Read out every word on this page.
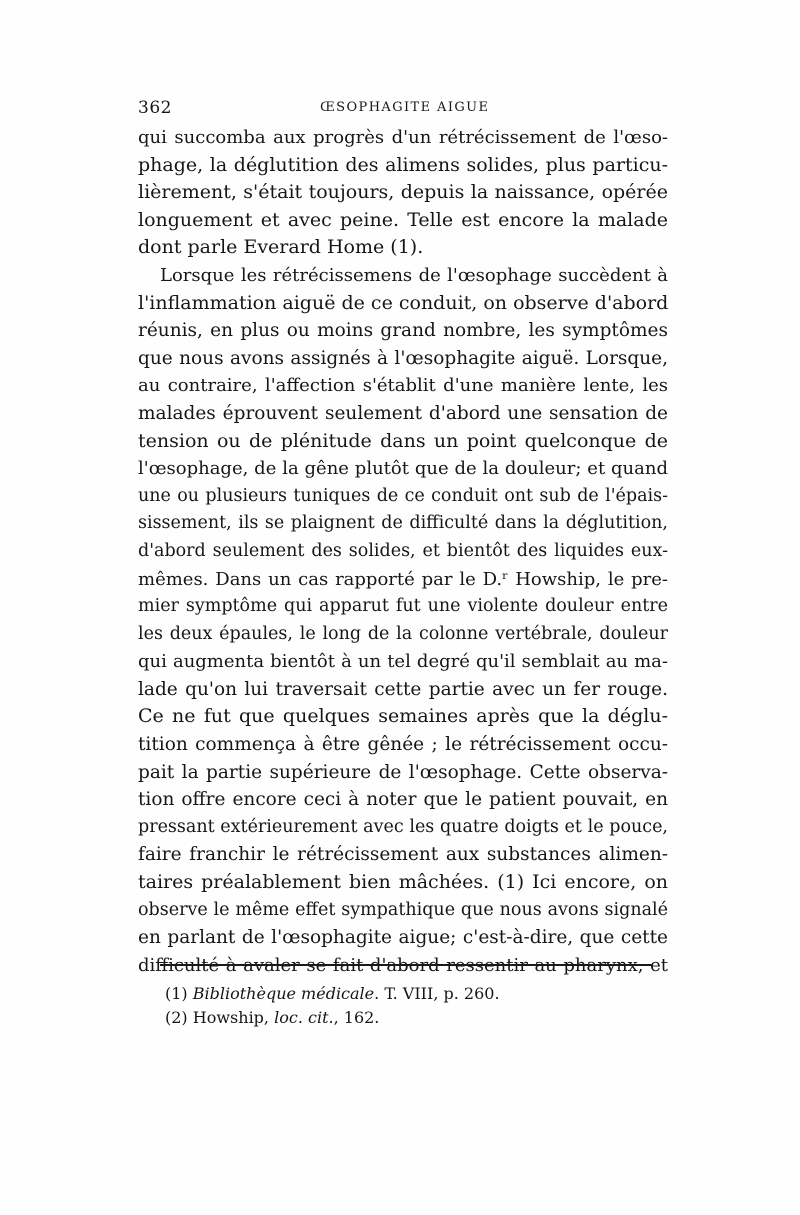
362	ŒSOPHAGITE AIGUE
qui succomba aux progrès d'un rétrécissement de l'œso-
phage, la déglutition des alimens solides, plus particu-
lièrement, s'était toujours, depuis la naissance, opérée
longuement et avec peine. Telle est encore la malade
dont parle Everard Home (1).
Lorsque les rétrécissemens de l'œsophage succèdent à
l'inflammation aiguë de ce conduit, on observe d'abord
réunis, en plus ou moins grand nombre, les symptômes
que nous avons assignés à l'œsophagite aiguë. Lorsque,
au contraire, l'affection s'établit d'une manière lente, les
malades éprouvent seulement d'abord une sensation de
tension ou de plénitude dans un point quelconque de
l'œsophage, de la gêne plutôt que de la douleur; et quand
une ou plusieurs tuniques de ce conduit ont sub de l'épais-
sissement, ils se plaignent de difficulté dans la déglutition,
d'abord seulement des solides, et bientôt des liquides eux-
mêmes. Dans un cas rapporté par le D.ʳ Howship, le pre-
mier symptôme qui apparut fut une violente douleur entre
les deux épaules, le long de la colonne vertébrale, douleur
qui augmenta bientôt à un tel degré qu'il semblait au ma-
lade qu'on lui traversait cette partie avec un fer rouge.
Ce ne fut que quelques semaines après que la déglu-
tition commença à être gênée ; le rétrécissement occu-
pait la partie supérieure de l'œsophage. Cette observa-
tion offre encore ceci à noter que le patient pouvait, en
pressant extérieurement avec les quatre doigts et le pouce,
faire franchir le rétrécissement aux substances alimen-
taires préalablement bien mâchées. (1) Ici encore, on
observe le même effet sympathique que nous avons signalé
en parlant de l'œsophagite aigue; c'est-à-dire, que cette
difficulté à avaler se fait d'abord ressentir au pharynx, et
(1) Bibliothèque médicale. T. VIII, p. 260.
(2) Howship, loc. cit., 162.
